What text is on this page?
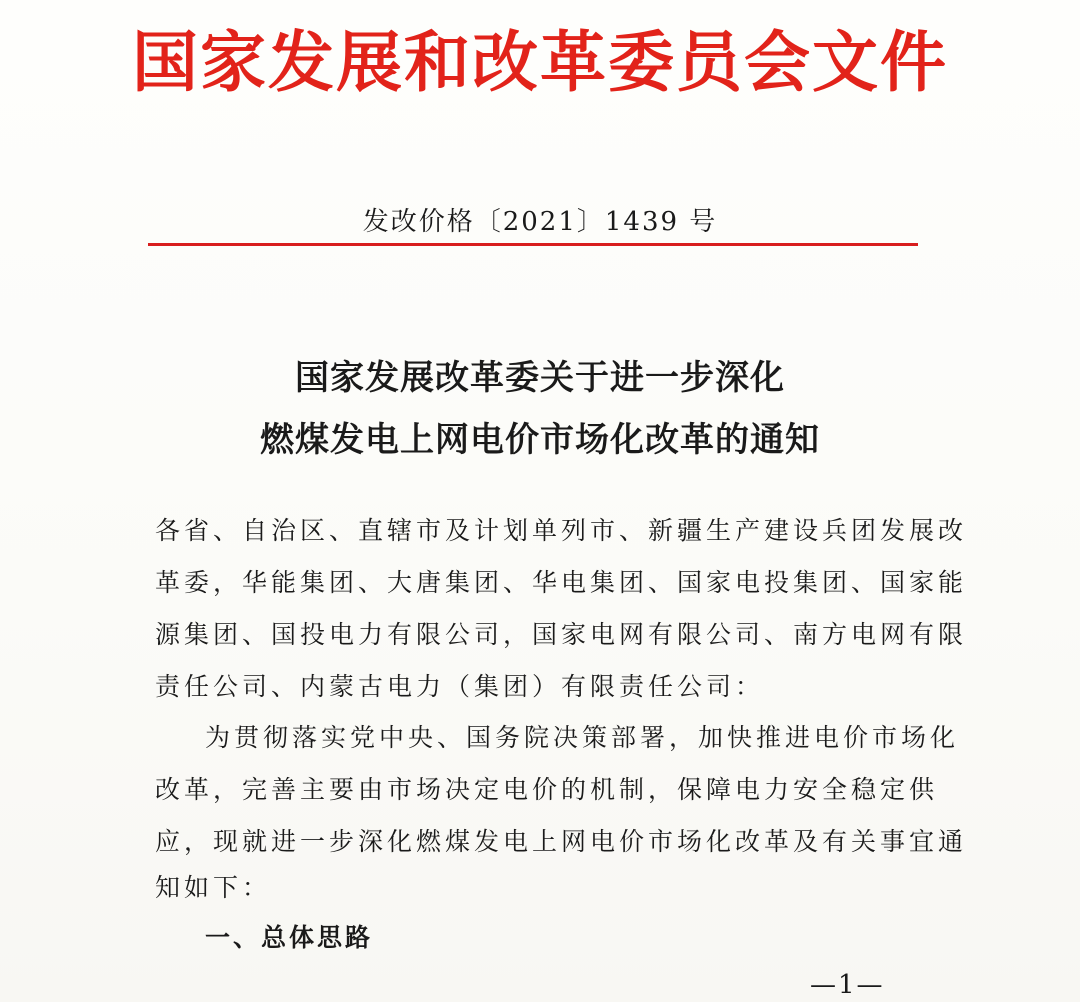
国家发展和改革委员会文件
发改价格〔2021〕1439 号
国家发展改革委关于进一步深化
燃煤发电上网电价市场化改革的通知
各省、自治区、直辖市及计划单列市、新疆生产建设兵团发展改
革委，华能集团、大唐集团、华电集团、国家电投集团、国家能
源集团、国投电力有限公司，国家电网有限公司、南方电网有限
责任公司、内蒙古电力（集团）有限责任公司：
为贯彻落实党中央、国务院决策部署，加快推进电价市场化
改革，完善主要由市场决定电价的机制，保障电力安全稳定供
应，现就进一步深化燃煤发电上网电价市场化改革及有关事宜通
知如下：
一、总体思路
—1—
